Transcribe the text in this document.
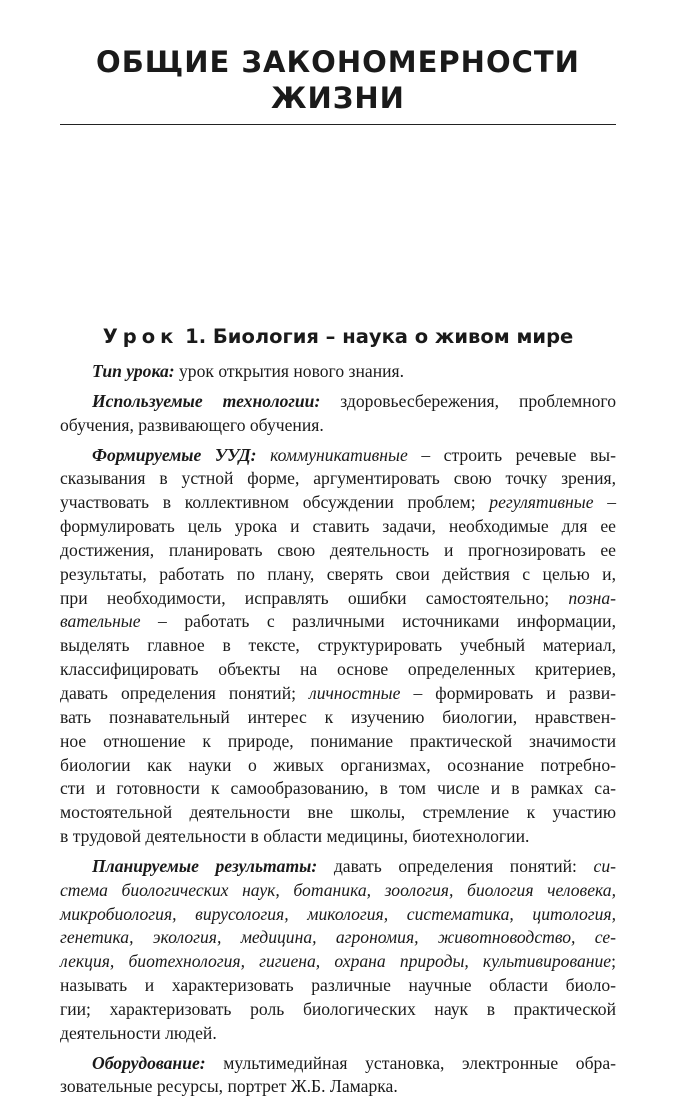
ОБЩИЕ ЗАКОНОМЕРНОСТИ
ЖИЗНИ
Урок 1. Биология – наука о живом мире
Тип урока: урок открытия нового знания.
Используемые технологии: здоровьесбережения, проблемного
обучения, развивающего обучения.
Формируемые УУД: коммуникативные – строить речевые вы-
сказывания в устной форме, аргументировать свою точку зрения,
участвовать в коллективном обсуждении проблем; регулятивные –
формулировать цель урока и ставить задачи, необходимые для ее
достижения, планировать свою деятельность и прогнозировать ее
результаты, работать по плану, сверять свои действия с целью и,
при необходимости, исправлять ошибки самостоятельно; позна-
вательные – работать с различными источниками информации,
выделять главное в тексте, структурировать учебный материал,
классифицировать объекты на основе определенных критериев,
давать определения понятий; личностные – формировать и разви-
вать познавательный интерес к изучению биологии, нравствен-
ное отношение к природе, понимание практической значимости
биологии как науки о живых организмах, осознание потребно-
сти и готовности к самообразованию, в том числе и в рамках са-
мостоятельной деятельности вне школы, стремление к участию
в трудовой деятельности в области медицины, биотехнологии.
Планируемые результаты: давать определения понятий: си-
стема биологических наук, ботаника, зоология, биология человека,
микробиология, вирусология, микология, систематика, цитология,
генетика, экология, медицина, агрономия, животноводство, се-
лекция, биотехнология, гигиена, охрана природы, культивирование;
называть и характеризовать различные научные области биоло-
гии; характеризовать роль биологических наук в практической
деятельности людей.
Оборудование: мультимедийная установка, электронные обра-
зовательные ресурсы, портрет Ж.Б. Ламарка.
